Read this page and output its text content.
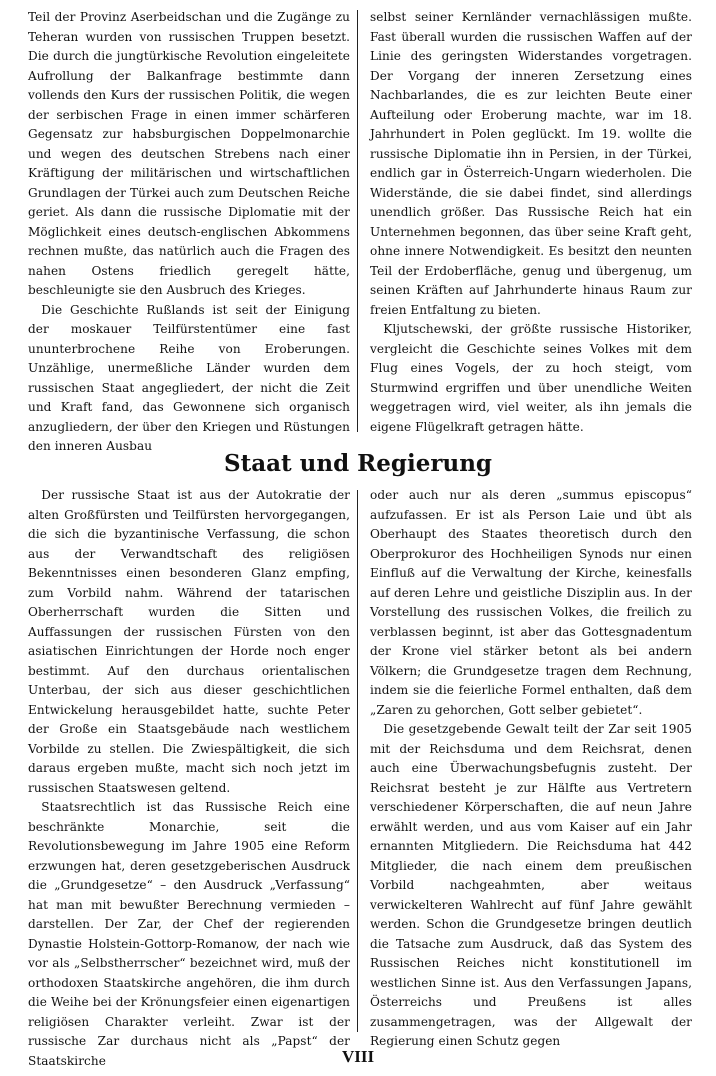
Teil der Provinz Aserbeidschan und die Zugänge zu Teheran wurden von russischen Truppen besetzt. Die durch die jungtürkische Revolution eingeleitete Aufrollung der Balkanfrage bestimmte dann vollends den Kurs der russischen Politik, die wegen der serbischen Frage in einen immer schärferen Gegensatz zur habsburgischen Doppelmonarchie und wegen des deutschen Strebens nach einer Kräftigung der militärischen und wirtschaftlichen Grundlagen der Türkei auch zum Deutschen Reiche geriet. Als dann die russische Diplomatie mit der Möglichkeit eines deutsch-englischen Abkommens rechnen mußte, das natürlich auch die Fragen des nahen Ostens friedlich geregelt hätte, beschleunigte sie den Ausbruch des Krieges.

Die Geschichte Rußlands ist seit der Einigung der moskauer Teilfürstentümer eine fast ununterbrochene Reihe von Eroberungen. Unzählige, unermeßliche Länder wurden dem russischen Staat angegliedert, der nicht die Zeit und Kraft fand, das Gewonnene sich organisch anzugliedern, der über den Kriegen und Rüstungen den inneren Ausbau

selbst seiner Kernländer vernachlässigen mußte. Fast überall wurden die russischen Waffen auf der Linie des geringsten Widerstandes vorgetragen. Der Vorgang der inneren Zersetzung eines Nachbarlandes, die es zur leichten Beute einer Aufteilung oder Eroberung machte, war im 18. Jahrhundert in Polen geglückt. Im 19. wollte die russische Diplomatie ihn in Persien, in der Türkei, endlich gar in Österreich-Ungarn wiederholen. Die Widerstände, die sie dabei findet, sind allerdings unendlich größer. Das Russische Reich hat ein Unternehmen begonnen, das über seine Kraft geht, ohne innere Notwendigkeit. Es besitzt den neunten Teil der Erdoberfläche, genug und übergenug, um seinen Kräften auf Jahrhunderte hinaus Raum zur freien Entfaltung zu bieten.

Kljutschewski, der größte russische Historiker, vergleicht die Geschichte seines Volkes mit dem Flug eines Vogels, der zu hoch steigt, vom Sturmwind ergriffen und über unendliche Weiten weggetragen wird, viel weiter, als ihn jemals die eigene Flügelkraft getragen hätte.

Staat und Regierung

Der russische Staat ist aus der Autokratie der alten Großfürsten und Teilfürsten hervorgegangen, die sich die byzantinische Verfassung, die schon aus der Verwandtschaft des religiösen Bekenntnisses einen besonderen Glanz empfing, zum Vorbild nahm. Während der tatarischen Oberherrschaft wurden die Sitten und Auffassungen der russischen Fürsten von den asiatischen Einrichtungen der Horde noch enger bestimmt. Auf den durchaus orientalischen Unterbau, der sich aus dieser geschichtlichen Entwickelung herausgebildet hatte, suchte Peter der Große ein Staatsgebäude nach westlichem Vorbilde zu stellen. Die Zwiespältigkeit, die sich daraus ergeben mußte, macht sich noch jetzt im russischen Staatswesen geltend.

Staatsrechtlich ist das Russische Reich eine beschränkte Monarchie, seit die Revolutionsbewegung im Jahre 1905 eine Reform erzwungen hat, deren gesetzgeberischen Ausdruck die „Grundgesetze“ – den Ausdruck „Verfassung“ hat man mit bewußter Berechnung vermieden – darstellen. Der Zar, der Chef der regierenden Dynastie Holstein-Gottorp-Romanow, der nach wie vor als „Selbstherrscher“ bezeichnet wird, muß der orthodoxen Staatskirche angehören, die ihm durch die Weihe bei der Krönungsfeier einen eigenartigen religiösen Charakter verleiht. Zwar ist der russische Zar durchaus nicht als „Papst“ der Staatskirche

oder auch nur als deren „summus episcopus“ aufzufassen. Er ist als Person Laie und übt als Oberhaupt des Staates theoretisch durch den Oberprokuror des Hochheiligen Synods nur einen Einfluß auf die Verwaltung der Kirche, keinesfalls auf deren Lehre und geistliche Disziplin aus. In der Vorstellung des russischen Volkes, die freilich zu verblassen beginnt, ist aber das Gottesgnadentum der Krone viel stärker betont als bei andern Völkern; die Grundgesetze tragen dem Rechnung, indem sie die feierliche Formel enthalten, daß dem „Zaren zu gehorchen, Gott selber gebietet“.

Die gesetzgebende Gewalt teilt der Zar seit 1905 mit der Reichsduma und dem Reichsrat, denen auch eine Überwachungsbefugnis zusteht. Der Reichsrat besteht je zur Hälfte aus Vertretern verschiedener Körperschaften, die auf neun Jahre erwählt werden, und aus vom Kaiser auf ein Jahr ernannten Mitgliedern. Die Reichsduma hat 442 Mitglieder, die nach einem dem preußischen Vorbild nachgeahmten, aber weitaus verwickelteren Wahlrecht auf fünf Jahre gewählt werden. Schon die Grundgesetze bringen deutlich die Tatsache zum Ausdruck, daß das System des Russischen Reiches nicht konstitutionell im westlichen Sinne ist. Aus den Verfassungen Japans, Österreichs und Preußens ist alles zusammengetragen, was der Allgewalt der Regierung einen Schutz gegen

VIII
